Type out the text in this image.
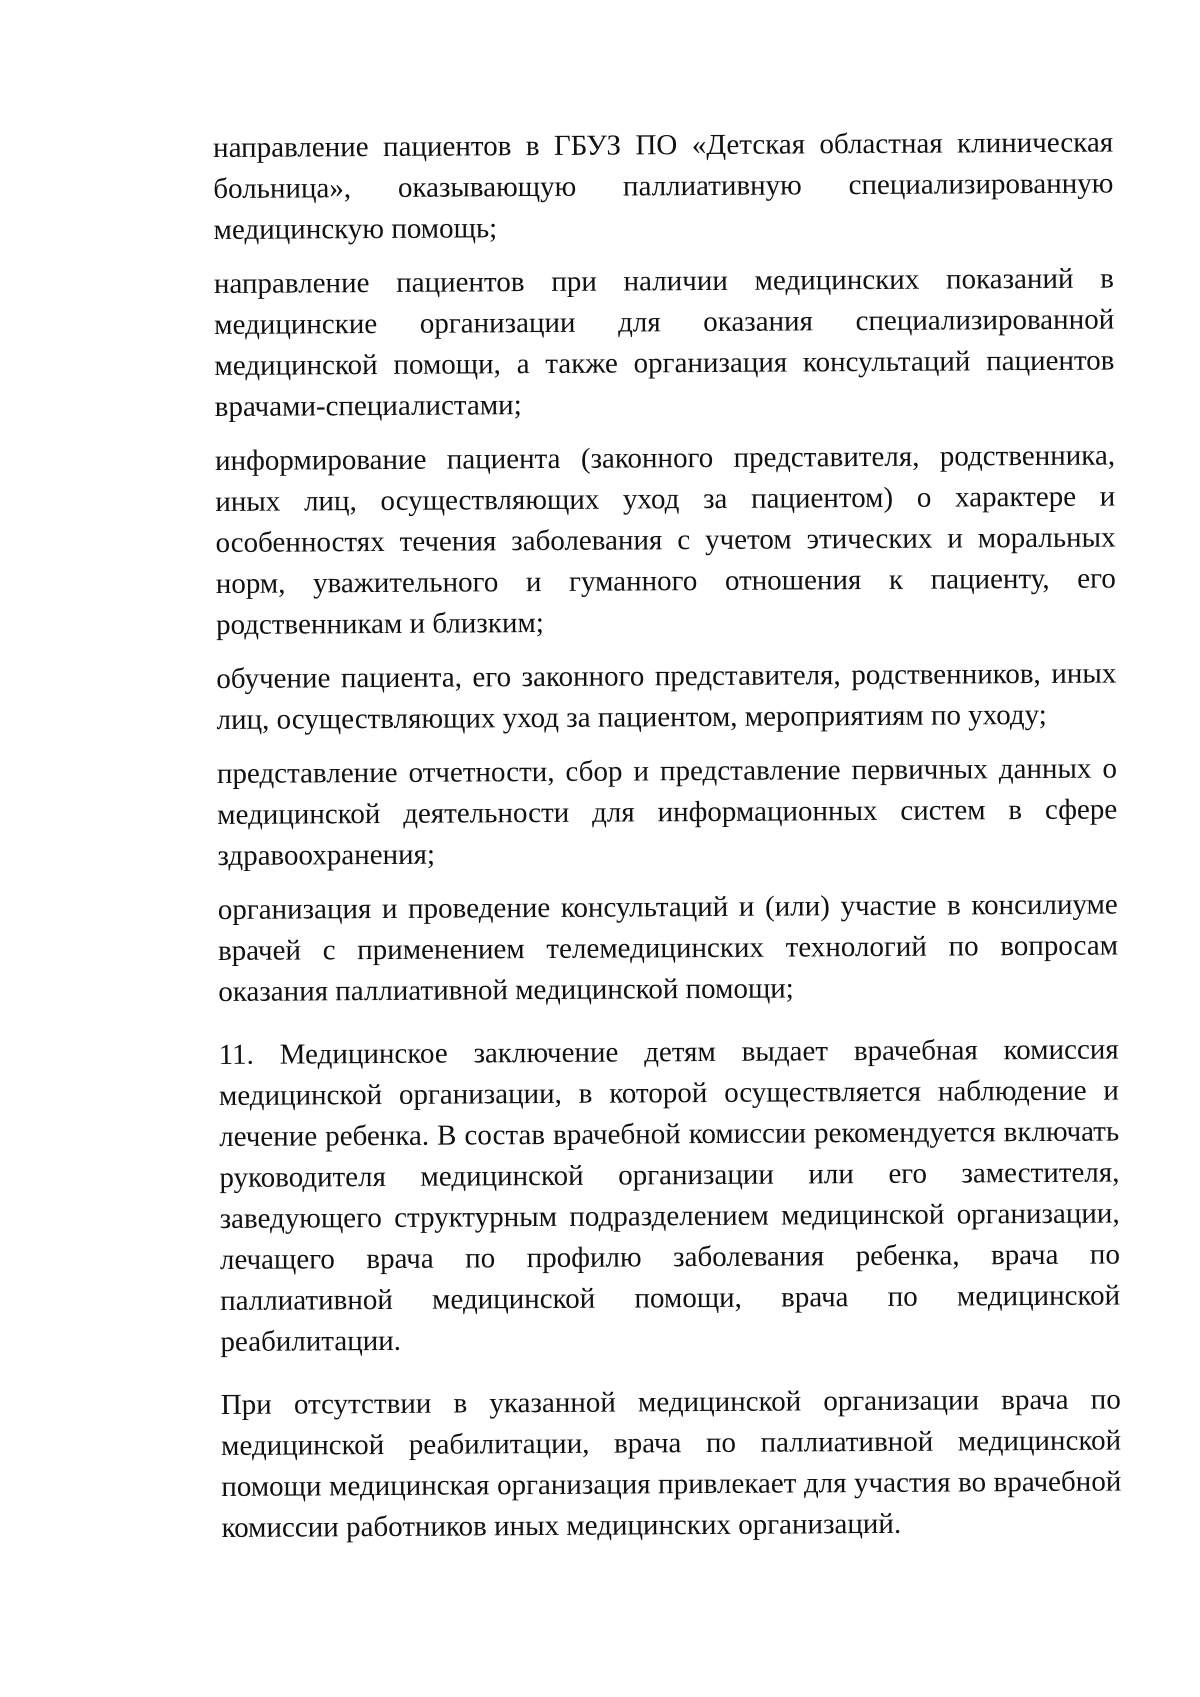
направление пациентов в ГБУЗ ПО «Детская областная клиническая больница», оказывающую паллиативную специализированную медицинскую помощь;

направление пациентов при наличии медицинских показаний в медицинские организации для оказания специализированной медицинской помощи, а также организация консультаций пациентов врачами-специалистами;

информирование пациента (законного представителя, родственника, иных лиц, осуществляющих уход за пациентом) о характере и особенностях течения заболевания с учетом этических и моральных норм, уважительного и гуманного отношения к пациенту, его родственникам и близким;

обучение пациента, его законного представителя, родственников, иных лиц, осуществляющих уход за пациентом, мероприятиям по уходу;

представление отчетности, сбор и представление первичных данных о медицинской деятельности для информационных систем в сфере здравоохранения;

организация и проведение консультаций и (или) участие в консилиуме врачей с применением телемедицинских технологий по вопросам оказания паллиативной медицинской помощи;

11. Медицинское заключение детям выдает врачебная комиссия медицинской организации, в которой осуществляется наблюдение и лечение ребенка. В состав врачебной комиссии рекомендуется включать руководителя медицинской организации или его заместителя, заведующего структурным подразделением медицинской организации, лечащего врача по профилю заболевания ребенка, врача по паллиативной медицинской помощи, врача по медицинской реабилитации.

При отсутствии в указанной медицинской организации врача по медицинской реабилитации, врача по паллиативной медицинской помощи медицинская организация привлекает для участия во врачебной комиссии работников иных медицинских организаций.
